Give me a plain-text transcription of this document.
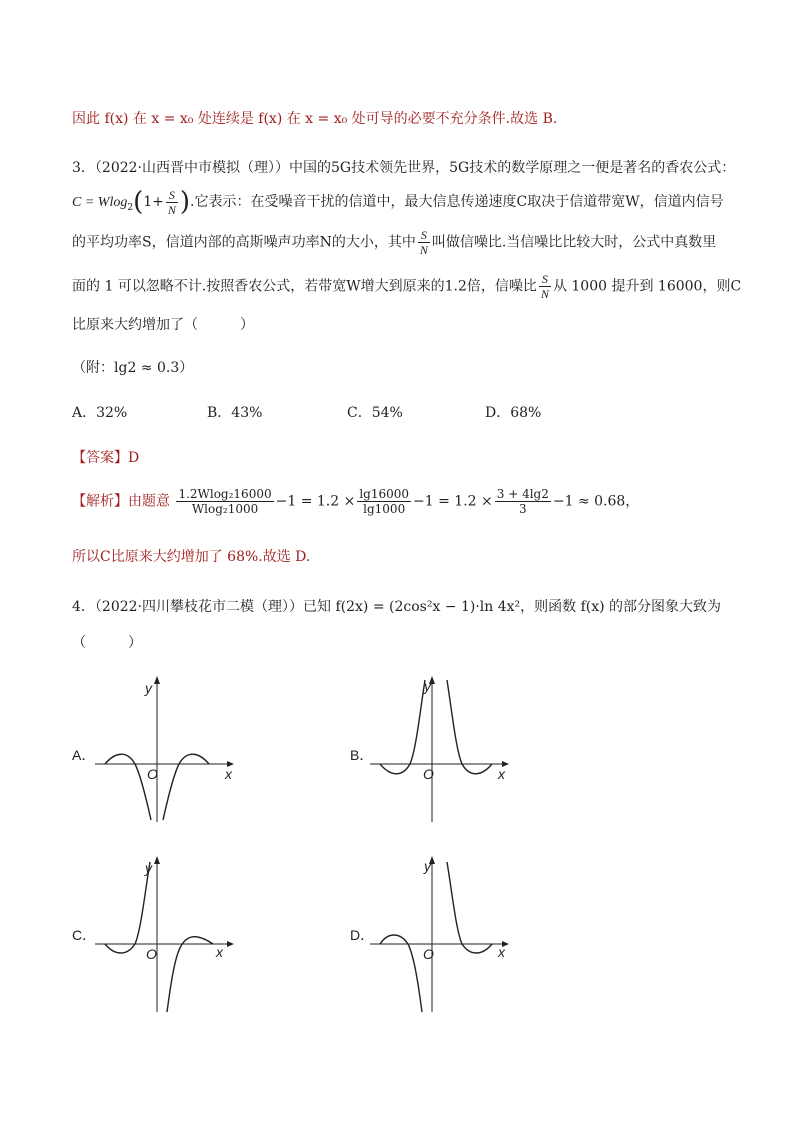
因此 f(x) 在 x = x₀ 处连续是 f(x) 在 x = x₀ 处可导的必要不充分条件.故选 B.
3．（2022·山西晋中市模拟（理））中国的5G技术领先世界，5G技术的数学原理之一便是著名的香农公式：
$C = Wlog_2(1+ \frac{S}{N}$ ).它表示：在受噪音干扰的信道中，最大信息传递速度C取决于信道带宽W，信道内信号
的平均功率S，信道内部的高斯噪声功率N的大小，其中 $\frac{S}{N}$ 叫做信噪比.当信噪比比较大时，公式中真数里
面的 1 可以忽略不计.按照香农公式，若带宽W增大到原来的1.2倍，信噪比 $\frac{S}{N}$ 从 1000 提升到 16000，则C
比原来大约增加了（　　　）
（附：lg2 ≈ 0.3）
A．32%	B．43%	C．54%	D．68%
【答案】D
【解析】由题意 $\frac{\text{1.2Wlog₂16000}}{\text{Wlog₂1000}} -1 = 1.2 \times \frac{\lg 16000}{\lg 1000} -1 = 1.2 \times \frac{3 + 4\lg 2}{3} -1 \approx 0.68$，
所以C比原来大约增加了 68%.故选 D.
4．（2022·四川攀枝花市二模（理））已知 f(2x) = (2cos²x − 1)·ln 4x²，则函数 f(x) 的部分图象大致为
（　　　）
A．
y
x
O
B．
y
x
O
C．
y
x
O
D．
y
x
O
